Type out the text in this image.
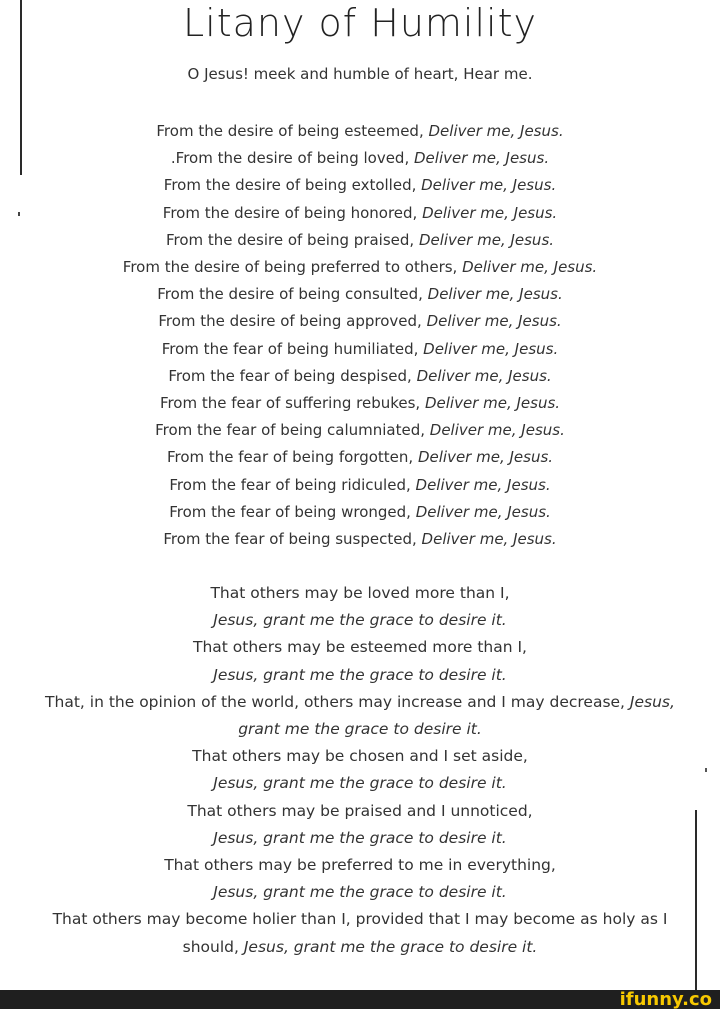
Litany of Humility
O Jesus! meek and humble of heart, Hear me.
From the desire of being esteemed, Deliver me, Jesus.
.From the desire of being loved, Deliver me, Jesus.
From the desire of being extolled, Deliver me, Jesus.
From the desire of being honored, Deliver me, Jesus.
From the desire of being praised, Deliver me, Jesus.
From the desire of being preferred to others, Deliver me, Jesus.
From the desire of being consulted, Deliver me, Jesus.
From the desire of being approved, Deliver me, Jesus.
From the fear of being humiliated, Deliver me, Jesus.
From the fear of being despised, Deliver me, Jesus.
From the fear of suffering rebukes, Deliver me, Jesus.
From the fear of being calumniated, Deliver me, Jesus.
From the fear of being forgotten, Deliver me, Jesus.
From the fear of being ridiculed, Deliver me, Jesus.
From the fear of being wronged, Deliver me, Jesus.
From the fear of being suspected, Deliver me, Jesus.
That others may be loved more than I,
Jesus, grant me the grace to desire it.
That others may be esteemed more than I,
Jesus, grant me the grace to desire it.
That, in the opinion of the world, others may increase and I may decrease, Jesus, grant me the grace to desire it.
That others may be chosen and I set aside,
Jesus, grant me the grace to desire it.
That others may be praised and I unnoticed,
Jesus, grant me the grace to desire it.
That others may be preferred to me in everything,
Jesus, grant me the grace to desire it.
That others may become holier than I, provided that I may become as holy as I should, Jesus, grant me the grace to desire it.
ifunny.co
